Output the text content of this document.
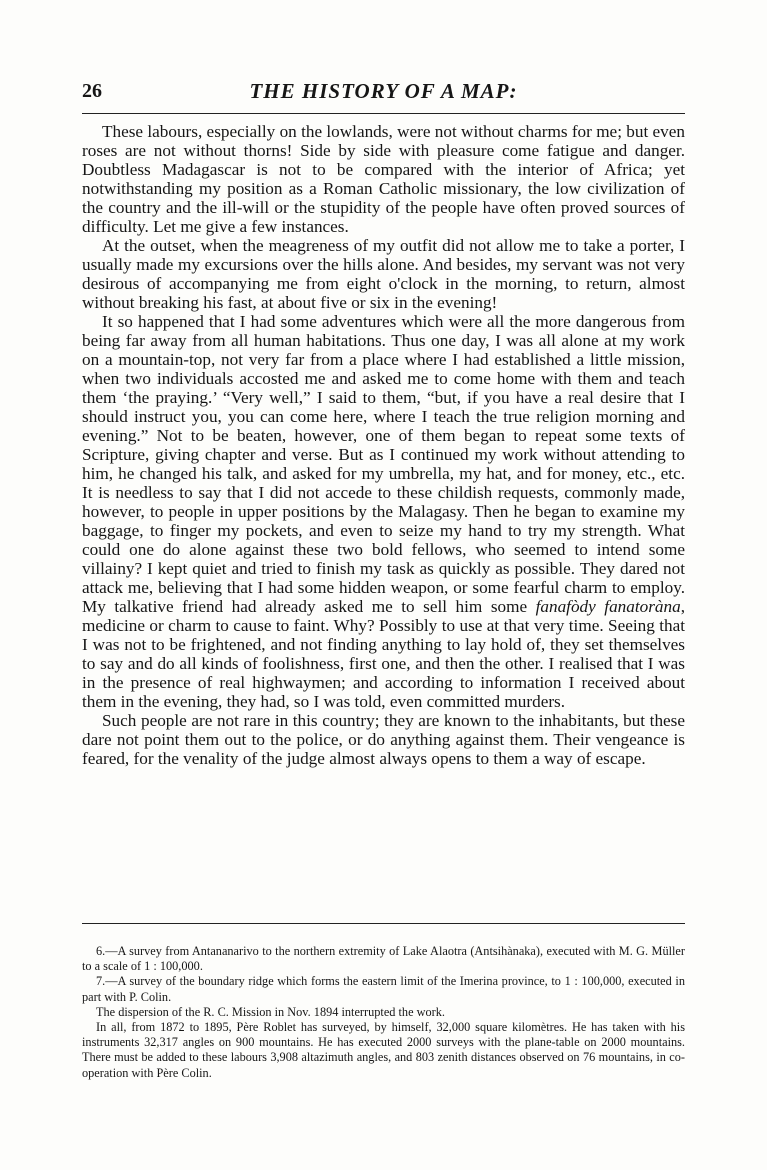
26	THE HISTORY OF A MAP:

These labours, especially on the lowlands, were not without charms for me; but even roses are not without thorns! Side by side with pleasure come fatigue and danger. Doubtless Madagascar is not to be compared with the interior of Africa; yet notwithstanding my position as a Roman Catholic missionary, the low civilization of the country and the ill-will or the stupidity of the people have often proved sources of difficulty. Let me give a few instances.

At the outset, when the meagreness of my outfit did not allow me to take a porter, I usually made my excursions over the hills alone. And besides, my servant was not very desirous of accompanying me from eight o'clock in the morning, to return, almost without breaking his fast, at about five or six in the evening!

It so happened that I had some adventures which were all the more dangerous from being far away from all human habitations. Thus one day, I was all alone at my work on a mountain-top, not very far from a place where I had established a little mission, when two individuals accosted me and asked me to come home with them and teach them ‘the praying.’ “Very well,” I said to them, “but, if you have a real desire that I should instruct you, you can come here, where I teach the true religion morning and evening.” Not to be beaten, however, one of them began to repeat some texts of Scripture, giving chapter and verse. But as I continued my work without attending to him, he changed his talk, and asked for my umbrella, my hat, and for money, etc., etc. It is needless to say that I did not accede to these childish requests, commonly made, however, to people in upper positions by the Malagasy. Then he began to examine my baggage, to finger my pockets, and even to seize my hand to try my strength. What could one do alone against these two bold fellows, who seemed to intend some villainy? I kept quiet and tried to finish my task as quickly as possible. They dared not attack me, believing that I had some hidden weapon, or some fearful charm to employ. My talkative friend had already asked me to sell him some fanafòdy fanatoràna, medicine or charm to cause to faint. Why? Possibly to use at that very time. Seeing that I was not to be frightened, and not finding anything to lay hold of, they set themselves to say and do all kinds of foolishness, first one, and then the other. I realised that I was in the presence of real highwaymen; and according to information I received about them in the evening, they had, so I was told, even committed murders.

Such people are not rare in this country; they are known to the inhabitants, but these dare not point them out to the police, or do anything against them. Their vengeance is feared, for the venality of the judge almost always opens to them a way of escape.

6.—A survey from Antananarivo to the northern extremity of Lake Alaotra (Antsihànaka), executed with M. G. Müller to a scale of 1 : 100,000.

7.—A survey of the boundary ridge which forms the eastern limit of the Imerina province, to 1 : 100,000, executed in part with P. Colin.

The dispersion of the R. C. Mission in Nov. 1894 interrupted the work.

In all, from 1872 to 1895, Père Roblet has surveyed, by himself, 32,000 square kilomètres. He has taken with his instruments 32,317 angles on 900 mountains. He has executed 2000 surveys with the plane-table on 2000 mountains. There must be added to these labours 3,908 altazimuth angles, and 803 zenith distances observed on 76 mountains, in co-operation with Père Colin.
